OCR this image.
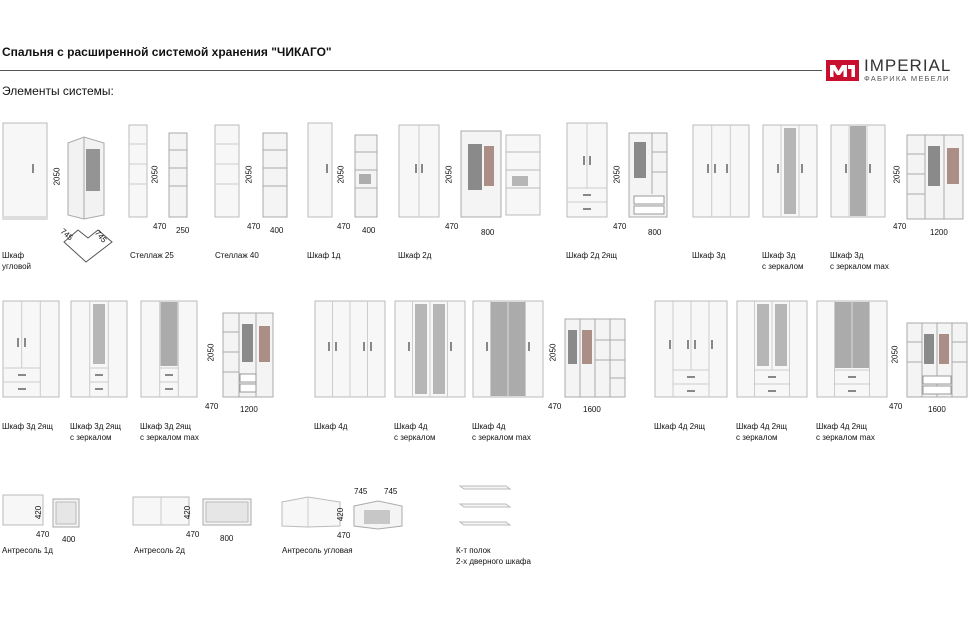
Спальня с расширенной системой хранения "ЧИКАГО"
Элементы системы:
IMPERIAL
ФАБРИКА МЕБЕЛИ
2050
745 745
Шкаф
угловой
2050
470 250
Стеллаж 25
2050
470 400
Стеллаж 40
2050
470 400
Шкаф 1д
2050
470
800
Шкаф 2д
2050
470
800
Шкаф 2д 2ящ	Шкаф 3д	Шкаф 3д
с зеркалом
2050
470
1200
Шкаф 3д
с зеркалом max
Шкаф 3д 2ящ Шкаф 3д 2ящ
с зеркалом
2050
470	1200
Шкаф 3д 2ящ
с зеркалом max
Шкаф 4д	Шкаф 4д
с зеркалом
2050
470	1600
Шкаф 4д
с зеркалом max
Шкаф 4д 2ящ	Шкаф 4д 2ящ
с зеркалом
2050
470	1600
Шкаф 4д 2ящ
с зеркалом max
420
470
400
Антресоль 1д
420
470	800
Антресоль 2д
745 745
420
470
Антресоль угловая	К-т полок
2-х дверного шкафа
